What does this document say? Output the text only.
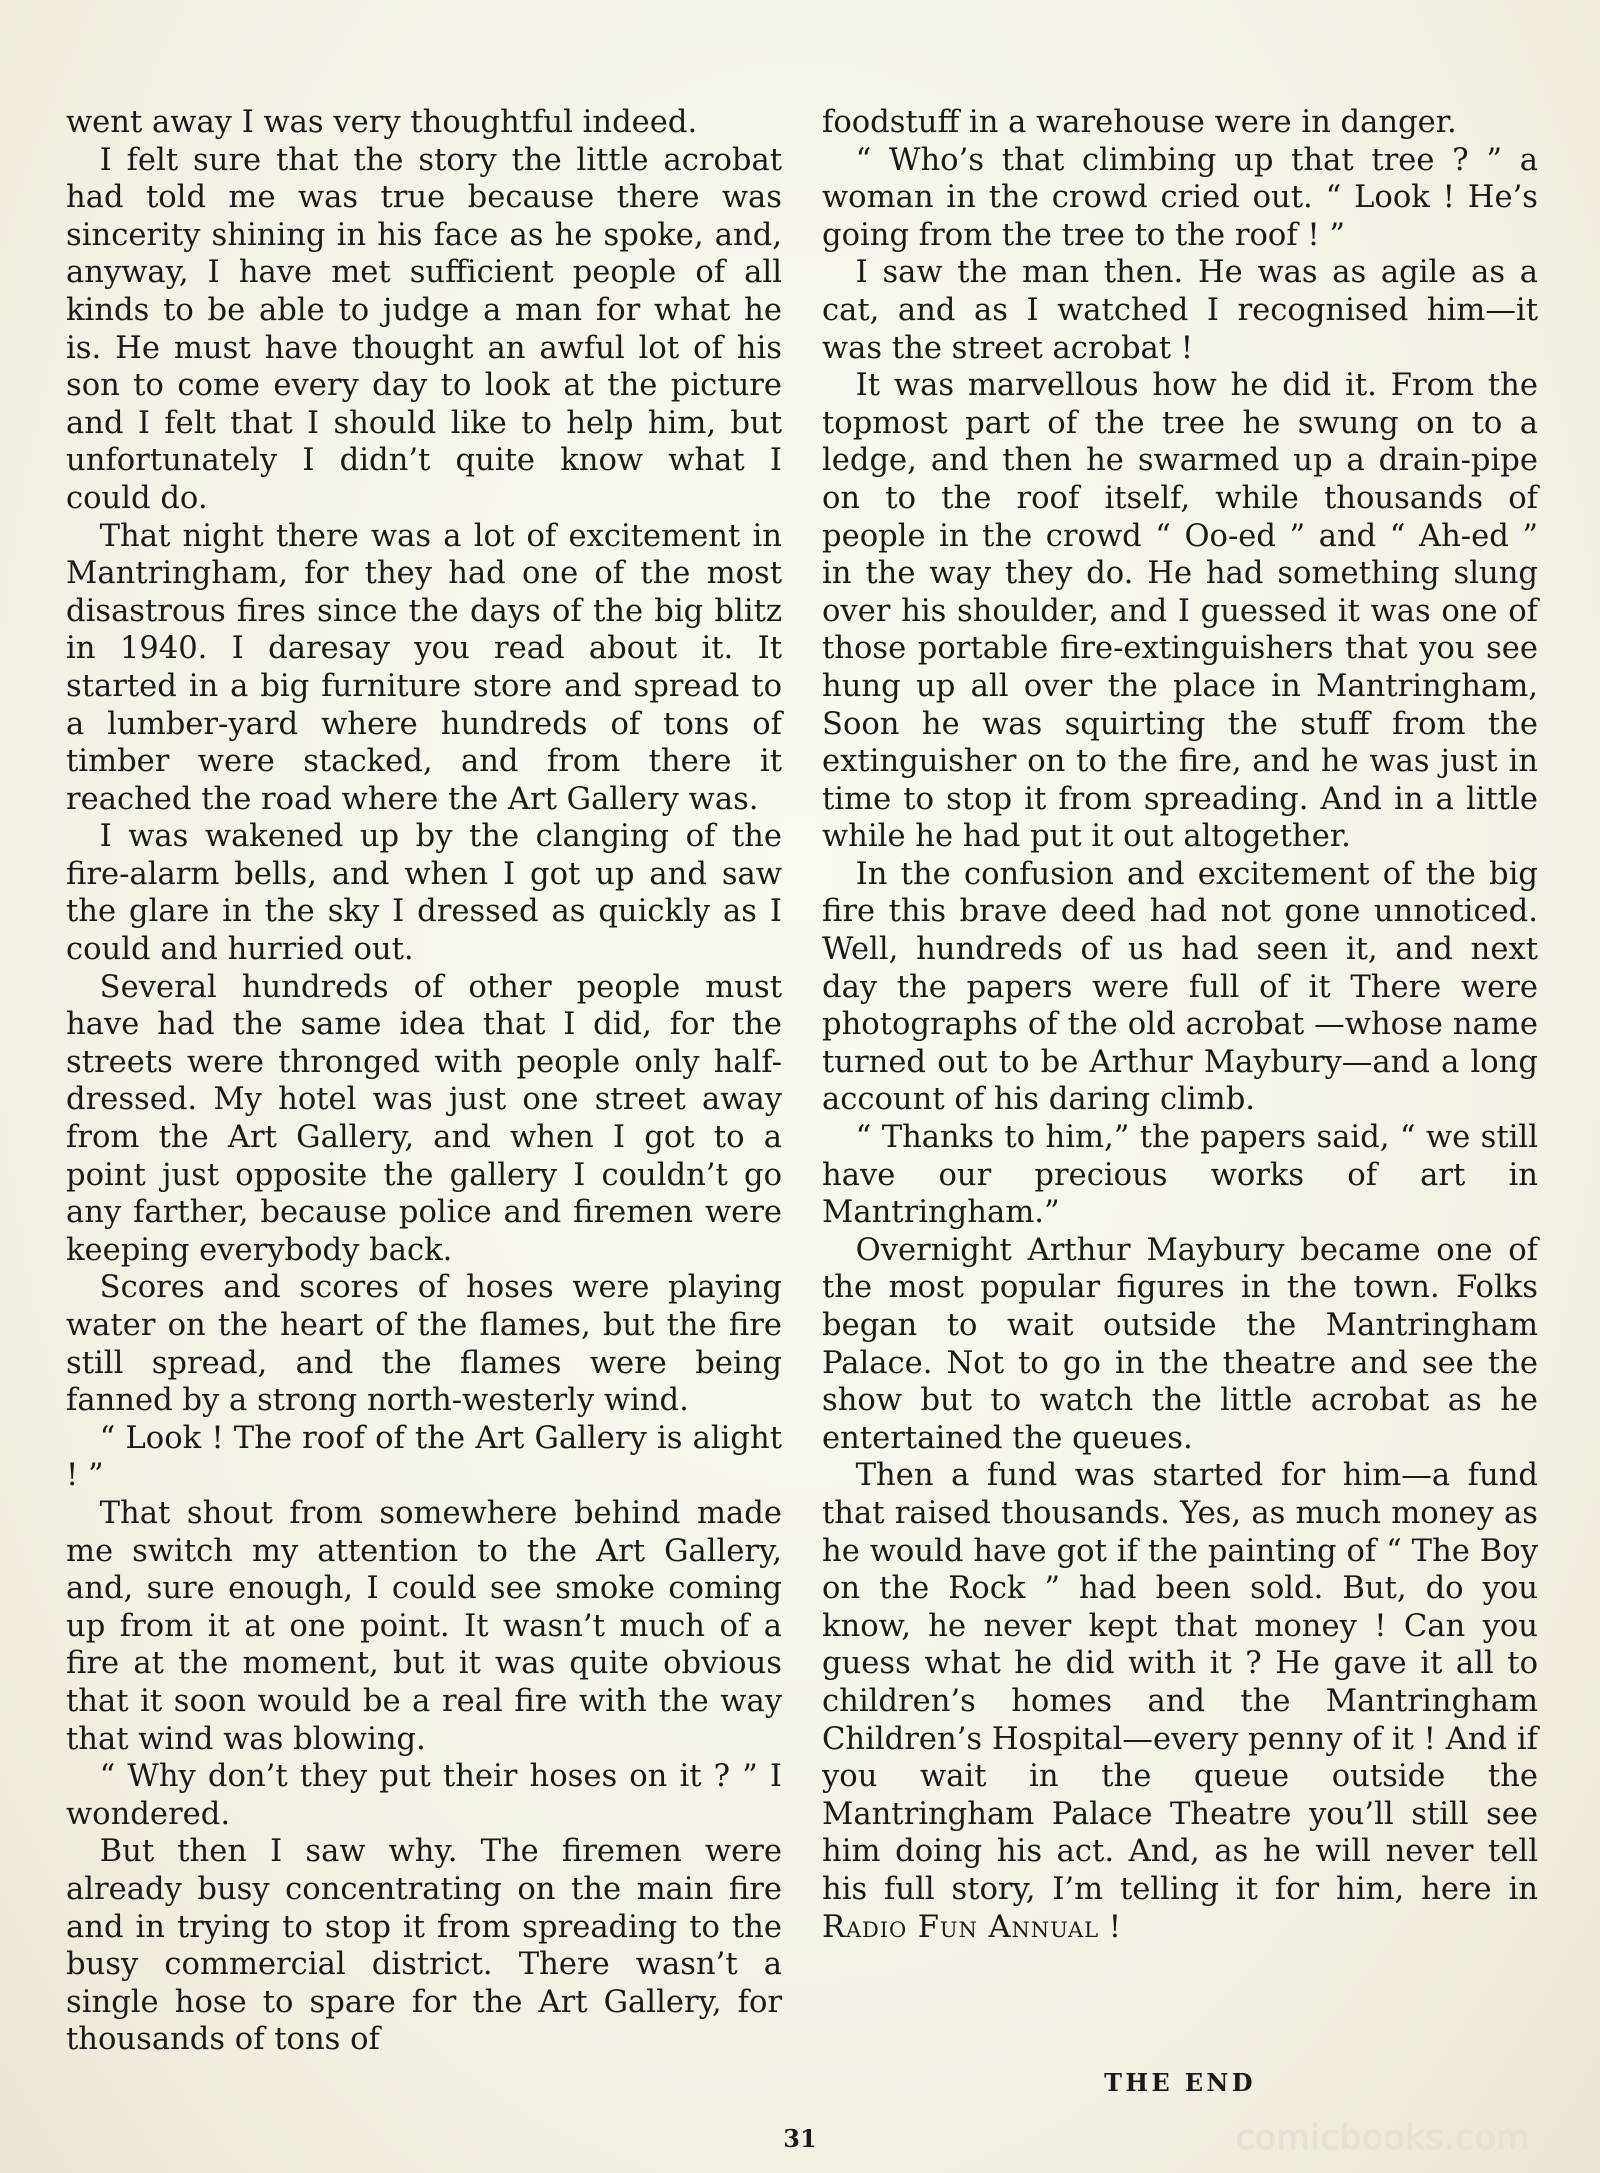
went away I was very thoughtful indeed.

I felt sure that the story the little acrobat had told me was true because there was sincerity shining in his face as he spoke, and, anyway, I have met sufficient people of all kinds to be able to judge a man for what he is. He must have thought an awful lot of his son to come every day to look at the picture and I felt that I should like to help him, but unfortunately I didn’t quite know what I could do.

That night there was a lot of excitement in Mantringham, for they had one of the most disastrous fires since the days of the big blitz in 1940. I daresay you read about it. It started in a big furniture store and spread to a lumber-yard where hundreds of tons of timber were stacked, and from there it reached the road where the Art Gallery was.

I was wakened up by the clanging of the fire-alarm bells, and when I got up and saw the glare in the sky I dressed as quickly as I could and hurried out.

Several hundreds of other people must have had the same idea that I did, for the streets were thronged with people only half-dressed. My hotel was just one street away from the Art Gallery, and when I got to a point just opposite the gallery I couldn’t go any farther, because police and firemen were keeping everybody back.

Scores and scores of hoses were playing water on the heart of the flames, but the fire still spread, and the flames were being fanned by a strong north-westerly wind.

“ Look ! The roof of the Art Gallery is alight ! ”

That shout from somewhere behind made me switch my attention to the Art Gallery, and, sure enough, I could see smoke coming up from it at one point. It wasn’t much of a fire at the moment, but it was quite obvious that it soon would be a real fire with the way that wind was blowing.

“ Why don’t they put their hoses on it ? ” I wondered.

But then I saw why. The firemen were already busy concentrating on the main fire and in trying to stop it from spreading to the busy commercial district. There wasn’t a single hose to spare for the Art Gallery, for thousands of tons of

foodstuff in a warehouse were in danger.

“ Who’s that climbing up that tree ? ” a woman in the crowd cried out. “ Look ! He’s going from the tree to the roof ! ”

I saw the man then. He was as agile as a cat, and as I watched I recognised him—it was the street acrobat !

It was marvellous how he did it. From the topmost part of the tree he swung on to a ledge, and then he swarmed up a drain-pipe on to the roof itself, while thousands of people in the crowd “ Oo-ed ” and “ Ah-ed ” in the way they do. He had something slung over his shoulder, and I guessed it was one of those portable fire-extinguishers that you see hung up all over the place in Mantringham, Soon he was squirting the stuff from the extinguisher on to the fire, and he was just in time to stop it from spreading. And in a little while he had put it out altogether.

In the confusion and excitement of the big fire this brave deed had not gone unnoticed. Well, hundreds of us had seen it, and next day the papers were full of it There were photographs of the old acrobat —whose name turned out to be Arthur Maybury—and a long account of his daring climb.

“ Thanks to him,” the papers said, “ we still have our precious works of art in Mantringham.”

Overnight Arthur Maybury became one of the most popular figures in the town. Folks began to wait outside the Mantringham Palace. Not to go in the theatre and see the show but to watch the little acrobat as he entertained the queues.

Then a fund was started for him—a fund that raised thousands. Yes, as much money as he would have got if the painting of “ The Boy on the Rock ” had been sold. But, do you know, he never kept that money ! Can you guess what he did with it ? He gave it all to children’s homes and the Mantringham Children’s Hospital—every penny of it ! And if you wait in the queue outside the Mantringham Palace Theatre you’ll still see him doing his act. And, as he will never tell his full story, I’m telling it for him, here in Radio Fun Annual !

THE END
31	comicbooks.com
